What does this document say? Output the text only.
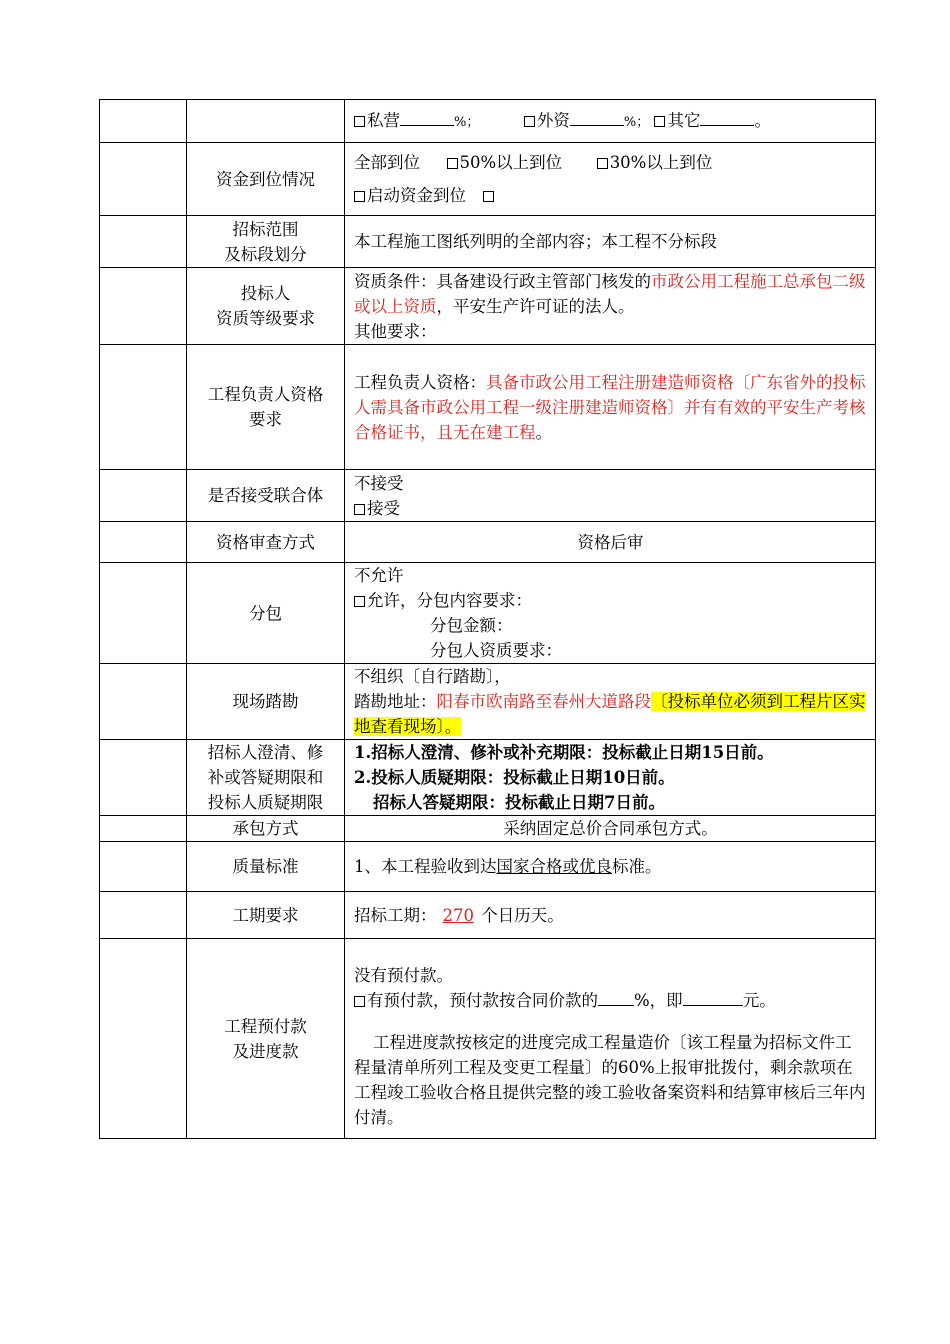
		私营 %； 外资 %； 其它 。
	资金到位情况	全部到位 50%以上到位 30%以上到位
启动资金到位

	招标范围
及标段划分	本工程施工图纸列明的全部内容；本工程不分标段

	投标人
资质等级要求	资质条件：具备建设行政主管部门核发的市政公用工程施工总承包二级或以上资质，平安生产许可证的法人。
其他要求：

	工程负责人资格
要求	工程负责人资格：具备市政公用工程注册建造师资格〔广东省外的投标人需具备市政公用工程一级注册建造师资格〕并有有效的平安生产考核合格证书，且无在建工程。
	是否接受联合体	不接受
接受

	资格审查方式	资格后审
	分包	不允许
允许，分包内容要求：
分包金额：
分包人资质要求：

	现场踏勘	不组织〔自行踏勘〕，
踏勘地址：阳春市欧南路至春州大道路段〔投标单位必须到工程片区实地查看现场〕。

	招标人澄清、修
补或答疑期限和
投标人质疑期限	1.招标人澄清、修补或补充期限：投标截止日期15日前。
2.投标人质疑期限：投标截止日期10日前。
招标人答疑期限：投标截止日期7日前。

	承包方式	采纳固定总价合同承包方式。
	质量标准	1、本工程验收到达国家合格或优良标准。
	工期要求	招标工期： 270 个日历天。

	工程预付款
及进度款	没有预付款。
有预付款，预付款按合同价款的 %，即 元。
工程进度款按核定的进度完成工程量造价〔该工程量为招标文件工程量清单所列工程及变更工程量〕的60%上报审批拨付，剩余款项在工程竣工验收合格且提供完整的竣工验收备案资料和结算审核后三年内付清。
